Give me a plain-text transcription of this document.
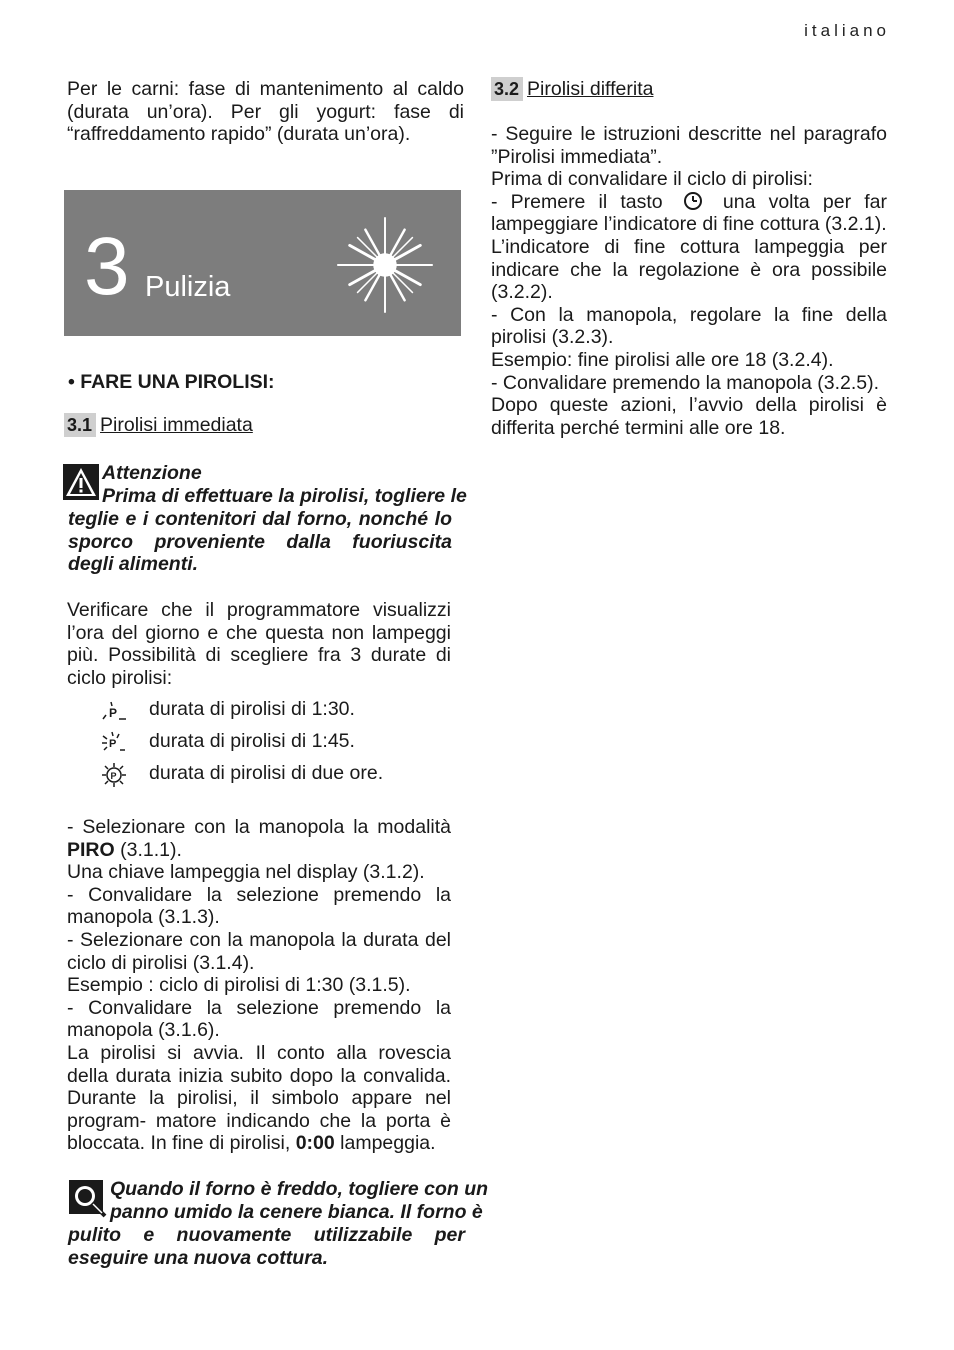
italiano

Per le carni: fase di mantenimento al caldo (durata un’ora). Per gli yogurt: fase di “raffreddamento rapido” (durata un’ora).

3 Pulizia
• FARE UNA PIROLISI:
3.1 Pirolisi immediata
Attenzione
Prima di effettuare la pirolisi, togliere le

teglie e i contenitori dal forno, nonché lo sporco proveniente dalla fuoriuscita degli alimenti.

Verificare che il programmatore visualizzi l’ora del giorno e che questa non lampeggi più. Possibilità di scegliere fra 3 durate di ciclo pirolisi:

P durata di pirolisi di 1:30.
P durata di pirolisi di 1:45.
P durata di pirolisi di due ore.

- Selezionare con la manopola la modalità PIRO (3.1.1).

Una chiave lampeggia nel display (3.1.2).

- Convalidare la selezione premendo la manopola (3.1.3).

- Selezionare con la manopola la durata del ciclo di pirolisi (3.1.4).

Esempio : ciclo di pirolisi di 1:30 (3.1.5).

- Convalidare la selezione premendo la manopola (3.1.6).

La pirolisi si avvia. Il conto alla rovescia della durata inizia subito dopo la convalida. Durante la pirolisi, il simbolo appare nel program- matore indicando che la porta è bloccata. In fine di pirolisi, 0:00 lampeggia.

Quando il forno è freddo, togliere con un
panno umido la cenere bianca. Il forno è

pulito e nuovamente utilizzabile per eseguire una nuova cottura.

3.2 Pirolisi differita

- Seguire le istruzioni descritte nel paragrafo ”Pirolisi immediata”.

Prima di convalidare il ciclo di pirolisi:

- Premere il tasto	una volta per far lampeggiare l’indicatore di fine cottura (3.2.1).

L’indicatore di fine cottura lampeggia per indicare che la regolazione è ora possibile (3.2.2).

- Con la manopola, regolare la fine della pirolisi (3.2.3).

Esempio: fine pirolisi alle ore 18 (3.2.4).

- Convalidare premendo la manopola (3.2.5).

Dopo queste azioni, l’avvio della pirolisi è differita perché termini alle ore 18.
